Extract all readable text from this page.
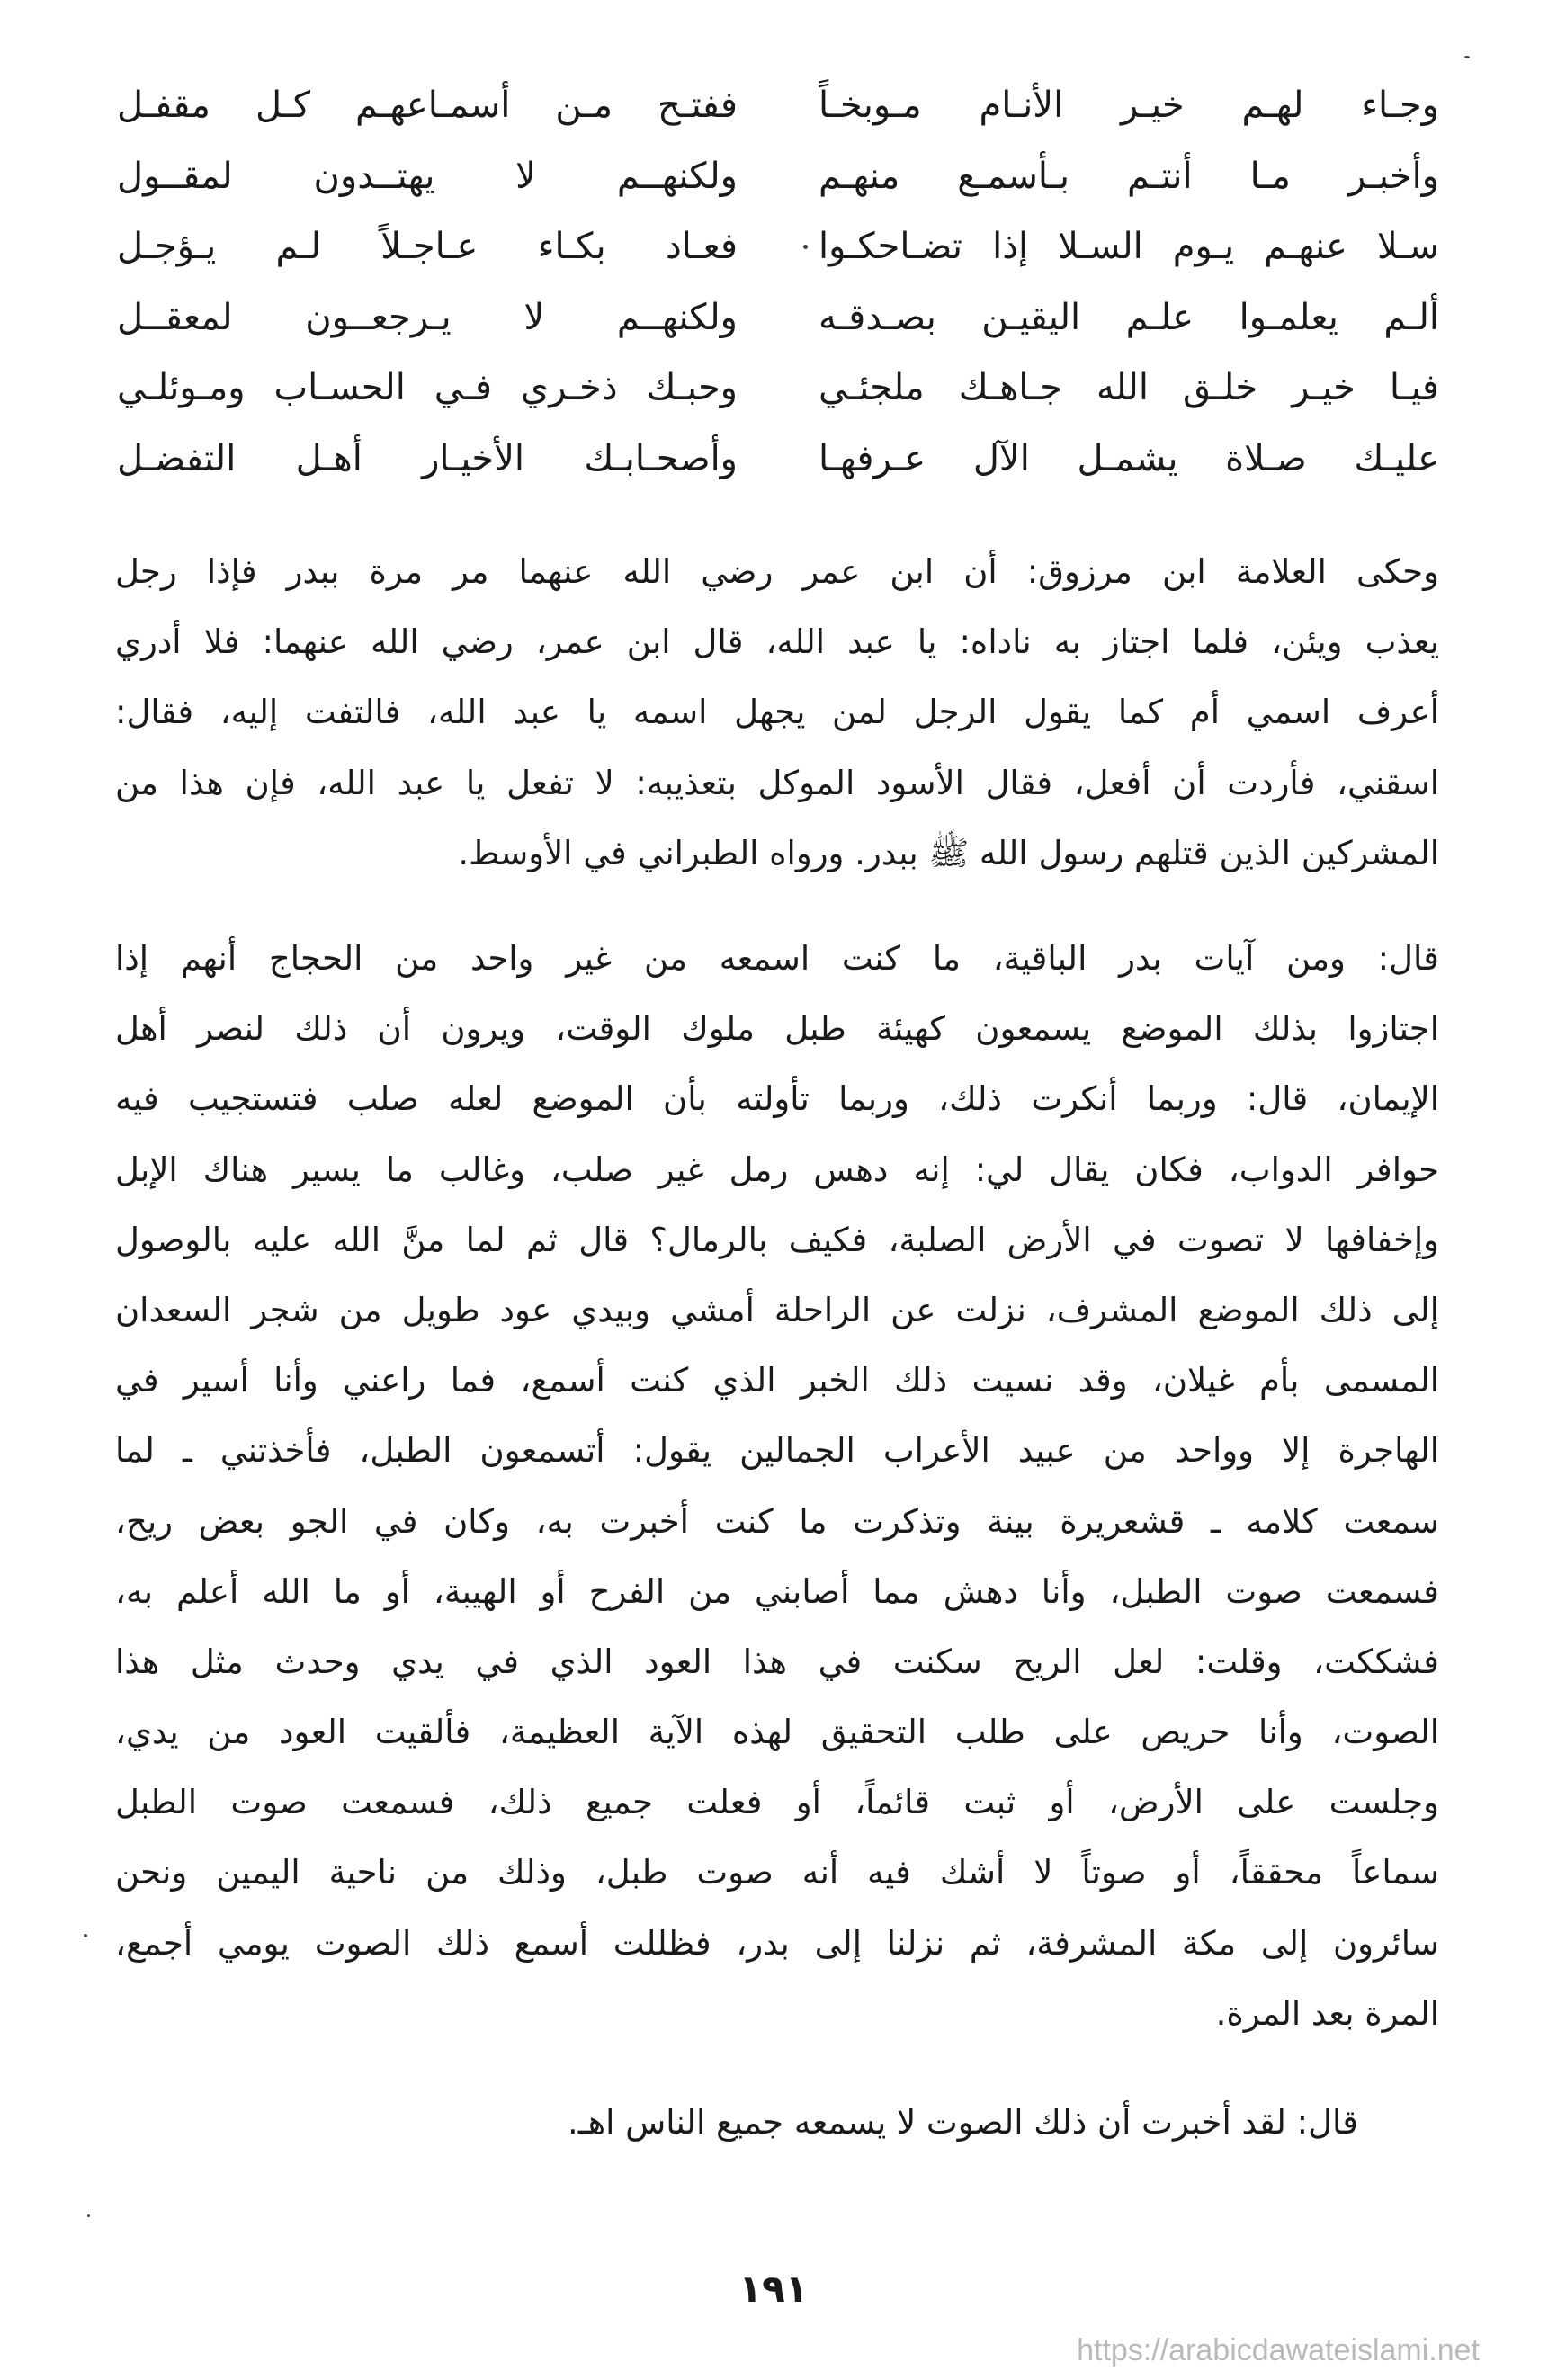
وجـاء لهـم خيـر الأنـام مـوبخـاً
ففتـح مـن أسمـاعهـم كـل مقفـل
وأخبـر مـا أنتـم بـأسمـع منهـم
ولكنهــم لا يهتــدون لمقــول
سـلا عنهـم يـوم السـلا إذا تضـاحكـوا
فعـاد بكـاء عـاجـلاً لـم يـؤجـل
ألـم يعلمـوا علـم اليقيـن بصـدقـه
ولكنهــم لا يـرجعــون لمعقــل
فيـا خيـر خلـق الله جـاهـك ملجئـي
وحبـك ذخـري فـي الحسـاب ومـوئلـي
عليـك صـلاة يشمـل الآل عـرفهـا
وأصحـابـك الأخيـار أهـل التفضـل
وحكى العلامة ابن مرزوق: أن ابن عمر رضي الله عنهما مر مرة ببدر فإذا رجل
يعذب ويئن، فلما اجتاز به ناداه: يا عبد الله، قال ابن عمر، رضي الله عنهما: فلا أدري
أعرف اسمي أم كما يقول الرجل لمن يجهل اسمه يا عبد الله، فالتفت إليه، فقال:
اسقني، فأردت أن أفعل، فقال الأسود الموكل بتعذيبه: لا تفعل يا عبد الله، فإن هذا من
المشركين الذين قتلهم رسول الله ﷺ ببدر. ورواه الطبراني في الأوسط.
قال: ومن آيات بدر الباقية، ما كنت اسمعه من غير واحد من الحجاج أنهم إذا
اجتازوا بذلك الموضع يسمعون كهيئة طبل ملوك الوقت، ويرون أن ذلك لنصر أهل
الإيمان، قال: وربما أنكرت ذلك، وربما تأولته بأن الموضع لعله صلب فتستجيب فيه
حوافر الدواب، فكان يقال لي: إنه دهس رمل غير صلب، وغالب ما يسير هناك الإبل
وإخفافها لا تصوت في الأرض الصلبة، فكيف بالرمال؟ قال ثم لما منَّ الله عليه بالوصول
إلى ذلك الموضع المشرف، نزلت عن الراحلة أمشي وبيدي عود طويل من شجر السعدان
المسمى بأم غيلان، وقد نسيت ذلك الخبر الذي كنت أسمع، فما راعني وأنا أسير في
الهاجرة إلا وواحد من عبيد الأعراب الجمالين يقول: أتسمعون الطبل، فأخذتني ـ لما
سمعت كلامه ـ قشعريرة بينة وتذكرت ما كنت أخبرت به، وكان في الجو بعض ريح،
فسمعت صوت الطبل، وأنا دهش مما أصابني من الفرح أو الهيبة، أو ما الله أعلم به،
فشككت، وقلت: لعل الريح سكنت في هذا العود الذي في يدي وحدث مثل هذا
الصوت، وأنا حريص على طلب التحقيق لهذه الآية العظيمة، فألقيت العود من يدي،
وجلست على الأرض، أو ثبت قائماً، أو فعلت جميع ذلك، فسمعت صوت الطبل
سماعاً محققاً، أو صوتاً لا أشك فيه أنه صوت طبل، وذلك من ناحية اليمين ونحن
سائرون إلى مكة المشرفة، ثم نزلنا إلى بدر، فظللت أسمع ذلك الصوت يومي أجمع،
المرة بعد المرة.
قال: لقد أخبرت أن ذلك الصوت لا يسمعه جميع الناس اهـ.
١٩١
https://arabicdawateislami.net
